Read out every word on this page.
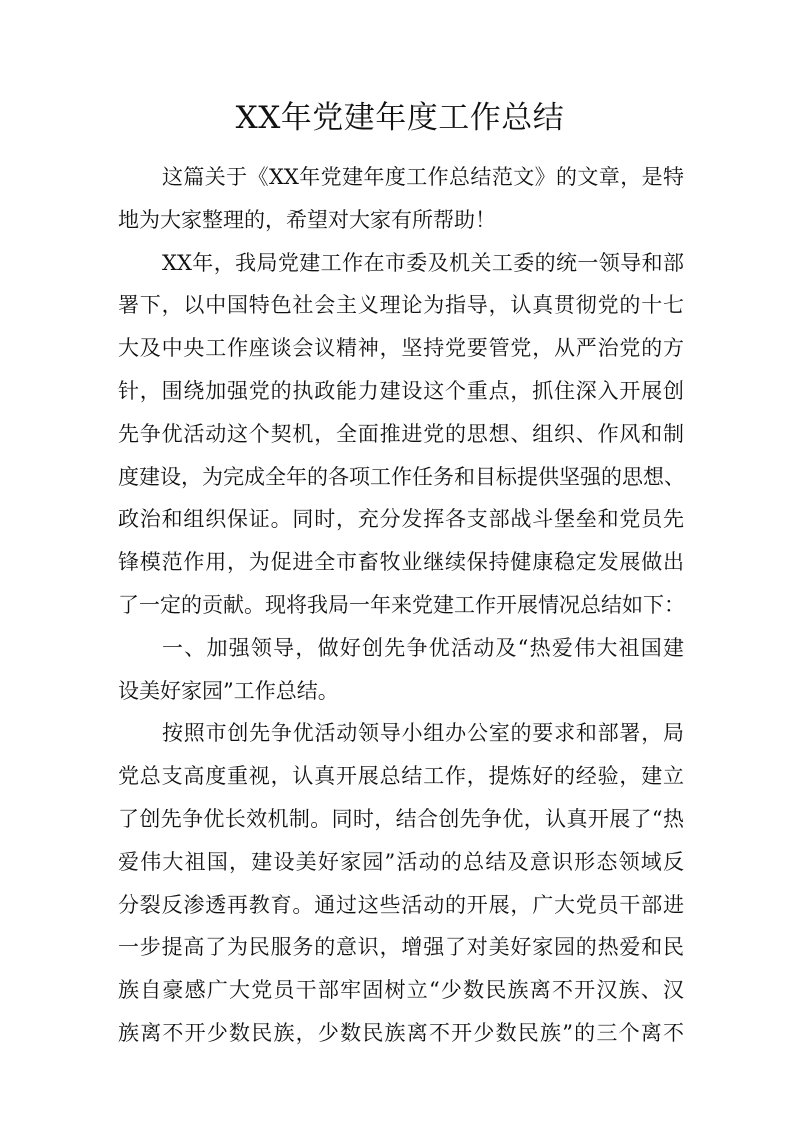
XX年党建年度工作总结
这篇关于《XX年党建年度工作总结范文》的文章，是特
地为大家整理的，希望对大家有所帮助！
XX年，我局党建工作在市委及机关工委的统一领导和部
署下，以中国特色社会主义理论为指导，认真贯彻党的十七
大及中央工作座谈会议精神，坚持党要管党，从严治党的方
针，围绕加强党的执政能力建设这个重点，抓住深入开展创
先争优活动这个契机，全面推进党的思想、组织、作风和制
度建设，为完成全年的各项工作任务和目标提供坚强的思想、
政治和组织保证。同时，充分发挥各支部战斗堡垒和党员先
锋模范作用，为促进全市畜牧业继续保持健康稳定发展做出
了一定的贡献。现将我局一年来党建工作开展情况总结如下：
一、加强领导，做好创先争优活动及“热爱伟大祖国建
设美好家园”工作总结。
按照市创先争优活动领导小组办公室的要求和部署，局
党总支高度重视，认真开展总结工作，提炼好的经验，建立
了创先争优长效机制。同时，结合创先争优，认真开展了“热
爱伟大祖国，建设美好家园”活动的总结及意识形态领域反
分裂反渗透再教育。通过这些活动的开展，广大党员干部进
一步提高了为民服务的意识，增强了对美好家园的热爱和民
族自豪感广大党员干部牢固树立“少数民族离不开汉族、汉
族离不开少数民族，少数民族离不开少数民族”的三个离不
